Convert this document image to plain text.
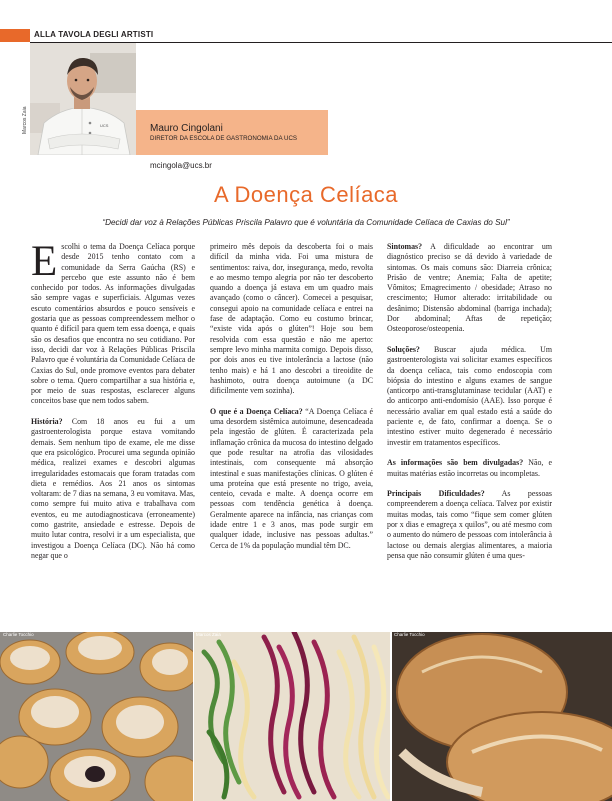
ALLA TAVOLA DEGLI ARTISTI
UCS
Marcos Zaia	Mauro Cingolani
DIRETOR DA ESCOLA DE GASTRONOMIA DA UCS
mcingola@ucs.br
A Doença Celíaca
“Decidi dar voz à Relações Públicas Priscila Palavro que é voluntária da Comunidade Celíaca de Caxias do Sul”

Escolhi o tema da Doença Celíaca porque desde 2015 tenho contato com a comunidade da Serra Gaúcha (RS) e percebo que este assunto não é bem conhecido por todos. As informações divulgadas são sempre vagas e superficiais. Algumas vezes escuto comentários absurdos e pouco sensíveis e gostaria que as pessoas compreendessem melhor o quanto é difícil para quem tem essa doença, e quais são os desafios que encontra no seu cotidiano. Por isso, decidi dar voz à Relações Públicas Priscila Palavro que é voluntária da Comunidade Celíaca de Caxias do Sul, onde promove eventos para debater sobre o tema. Quero compartilhar a sua história e, por meio de suas respostas, esclarecer alguns conceitos base que nem todos sabem.

História? Com 18 anos eu fui a um gastroenterologista porque estava vomitando demais. Sem nenhum tipo de exame, ele me disse que era psicológico. Procurei uma segunda opinião médica, realizei exames e descobri algumas irregularidades estomacais que foram tratadas com dieta e remédios. Aos 21 anos os sintomas voltaram: de 7 dias na semana, 3 eu vomitava. Mas, como sempre fui muito ativa e trabalhava com eventos, eu me autodiagnosticava (erroneamente) como gastrite, ansiedade e estresse. Depois de muito lutar contra, resolvi ir a um especialista, que investigou a Doença Celíaca (DC). Não há como negar que o

primeiro mês depois da descoberta foi o mais difícil da minha vida. Foi uma mistura de sentimentos: raiva, dor, insegurança, medo, revolta e ao mesmo tempo alegria por não ter descoberto quando a doença já estava em um quadro mais avançado (como o câncer). Comecei a pesquisar, consegui apoio na comunidade celíaca e entrei na fase de adaptação. Como eu costumo brincar, “existe vida após o glúten”! Hoje sou bem resolvida com essa questão e não me aperto: sempre levo minha marmita comigo. Depois disso, por dois anos eu tive intolerância a lactose (não tenho mais) e há 1 ano descobri a tireoidite de hashimoto, outra doença autoimune (a DC dificilmente vem sozinha).

O que é a Doença Celíaca? “A Doença Celíaca é uma desordem sistêmica autoimune, desencadeada pela ingestão de glúten. É caracterizada pela inflamação crônica da mucosa do intestino delgado que pode resultar na atrofia das vilosidades intestinais, com consequente má absorção intestinal e suas manifestações clínicas. O glúten é uma proteína que está presente no trigo, aveia, centeio, cevada e malte. A doença ocorre em pessoas com tendência genética à doença. Geralmente aparece na infância, nas crianças com idade entre 1 e 3 anos, mas pode surgir em qualquer idade, inclusive nas pessoas adultas.” Cerca de 1% da população mundial têm DC.

Sintomas? A dificuldade ao encontrar um diagnóstico preciso se dá devido à variedade de sintomas. Os mais comuns são: Diarreia crônica; Prisão de ventre; Anemia; Falta de apetite; Vômitos; Emagrecimento / obesidade; Atraso no crescimento; Humor alterado: irritabilidade ou desânimo; Distensão abdominal (barriga inchada); Dor abdominal; Aftas de repetição; Osteoporose/osteopenia.

Soluções? Buscar ajuda médica. Um gastroenterologista vai solicitar exames específicos da doença celíaca, tais como endoscopia com biópsia do intestino e alguns exames de sangue (anticorpo anti-transglutaminase tecidular (AAT) e do anticorpo anti-endomísio (AAE). Isso porque é necessário avaliar em qual estado está a saúde do paciente e, de fato, confirmar a doença. Se o intestino estiver muito degenerado é necessário investir em tratamentos específicos.

As informações são bem divulgadas? Não, e muitas matérias estão incorretas ou incompletas.

Principais Dificuldades? As pessoas compreenderem a doença celíaca. Talvez por existir muitas modas, tais como “fique sem comer glúten por x dias e emagreça x quilos”, ou até mesmo com o aumento do número de pessoas com intolerância à lactose ou demais alergias alimentares, a maioria pensa que não consumir glúten é uma ques-

Charlie Tocchio	Marcos Zaia	Charlie Tocchio
